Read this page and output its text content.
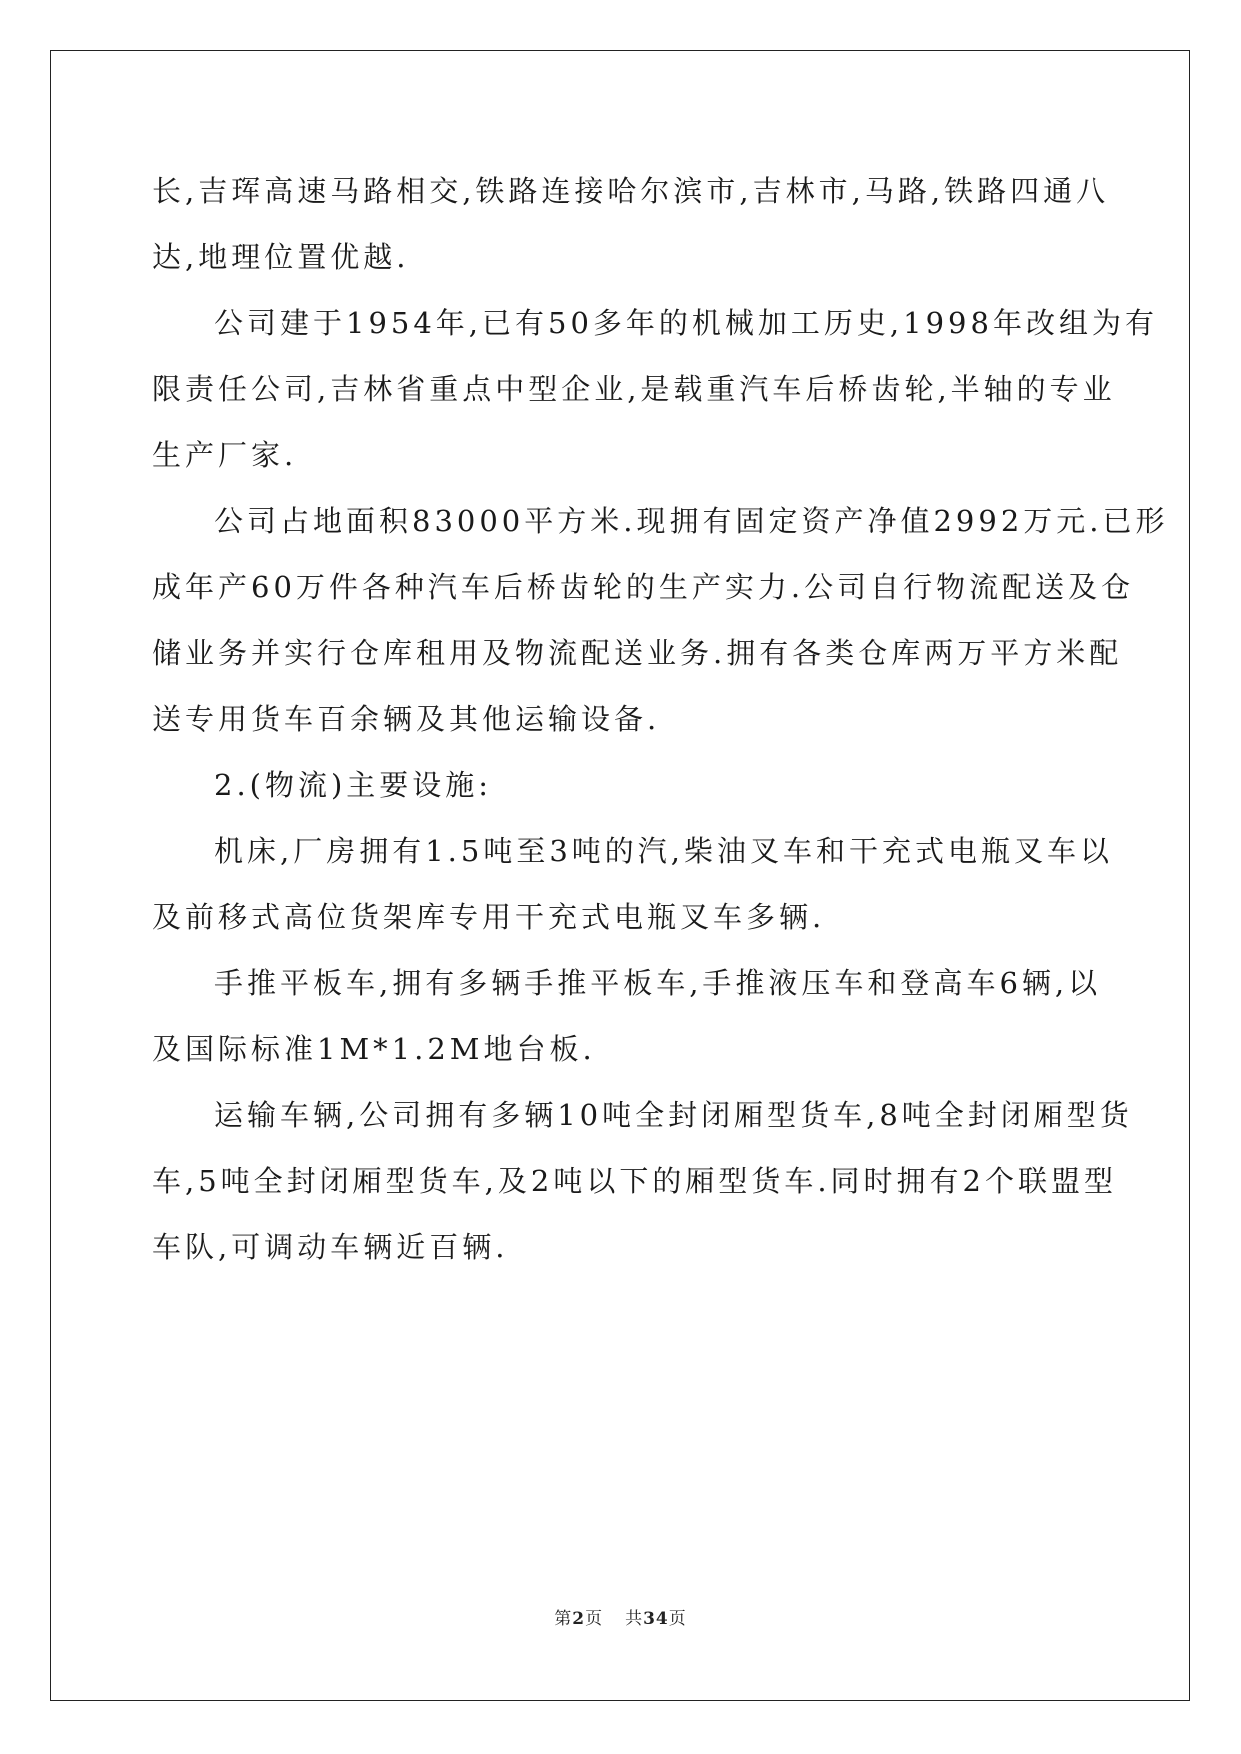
长,吉珲高速马路相交,铁路连接哈尔滨市,吉林市,马路,铁路四通八
达,地理位置优越.

公司建于1954年,已有50多年的机械加工历史,1998年改组为有
限责任公司,吉林省重点中型企业,是载重汽车后桥齿轮,半轴的专业
生产厂家.

公司占地面积83000平方米.现拥有固定资产净值2992万元.已形
成年产60万件各种汽车后桥齿轮的生产实力.公司自行物流配送及仓
储业务并实行仓库租用及物流配送业务.拥有各类仓库两万平方米配
送专用货车百余辆及其他运输设备.

2.(物流)主要设施:

机床,厂房拥有1.5吨至3吨的汽,柴油叉车和干充式电瓶叉车以
及前移式高位货架库专用干充式电瓶叉车多辆.

手推平板车,拥有多辆手推平板车,手推液压车和登高车6辆,以
及国际标准1M*1.2M地台板.

运输车辆,公司拥有多辆10吨全封闭厢型货车,8吨全封闭厢型货
车,5吨全封闭厢型货车,及2吨以下的厢型货车.同时拥有2个联盟型
车队,可调动车辆近百辆.

第2页 共34页
